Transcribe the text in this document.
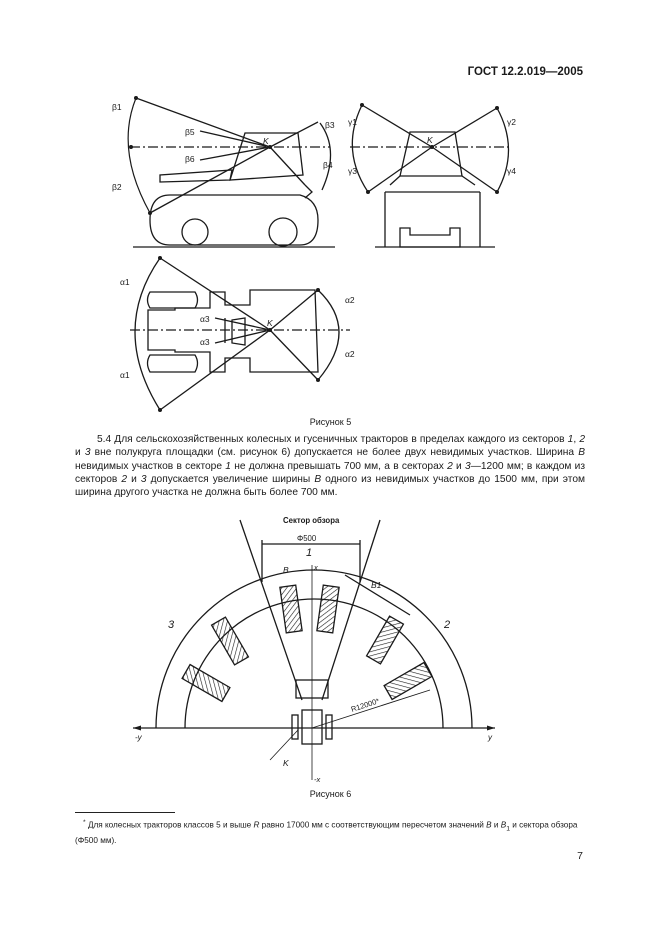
ГОСТ 12.2.019—2005
β1
β2
β5
β6
β3
β4
γ1
γ3
γ2
γ4
α1
α1
α2
α2
α3
α3
K	K
K
Рисунок 5
5.4 Для сельскохозяйственных колесных и гусеничных тракторов в пределах каждого из секторов 1, 2 и 3 вне полукруга площадки (см. рисунок 6) допускается не более двух невидимых участков. Ширина В невидимых участков в секторе 1 не должна превышать 700 мм, а в секторах 2 и 3—1200 мм; в каждом из секторов 2 и 3 допускается увеличение ширины В одного из невидимых участков до 1500 мм, при этом ширина другого участка не должна быть более 700 мм.
Сектор обзора
Φ500
1
2
3
B
B1
R12000*
x
-x
y
-y
K
Рисунок 6
* Для колесных тракторов классов 5 и выше R равно 17000 мм с соответствующим пересчетом значений В и $В_1$ и сектора обзора (Φ500 мм).
7
